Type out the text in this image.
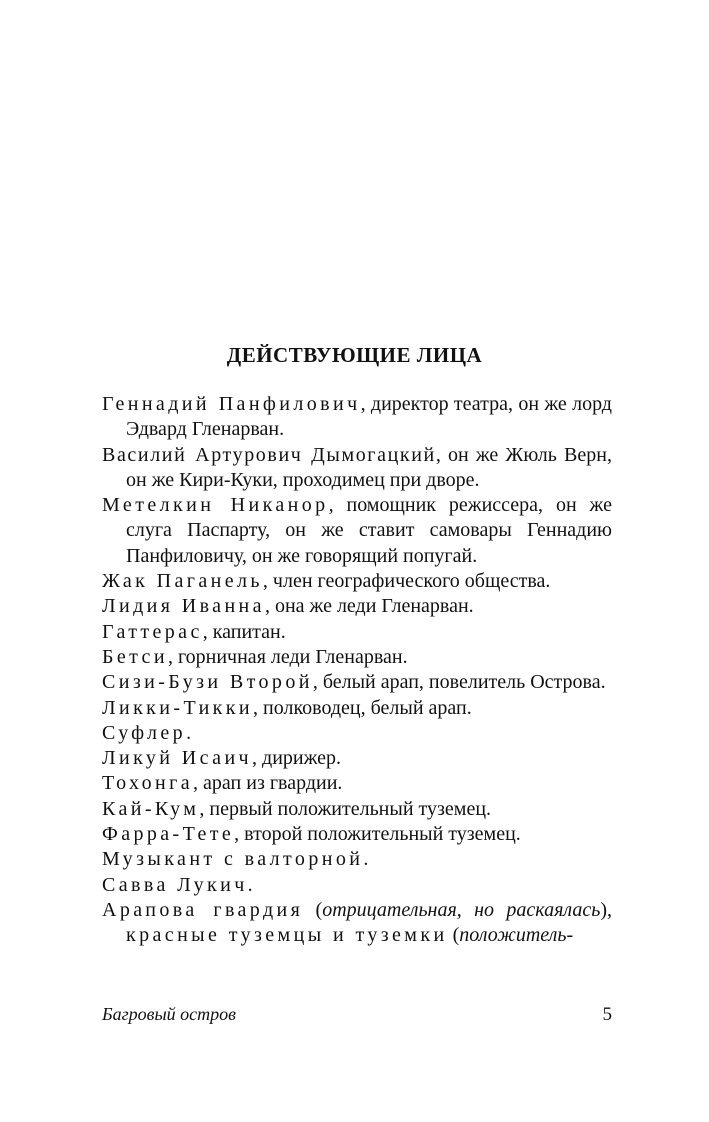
ДЕЙСТВУЮЩИЕ ЛИЦА

Геннадий Панфилович, директор театра, он же лорд Эдвард Гленарван.

Василий Артурович Дымогацкий, он же Жюль Верн, он же Кири-Куки, проходимец при дворе.

Метелкин Никанор, помощник режиссера, он же слуга Паспарту, он же ставит самовары Геннадию Панфиловичу, он же говорящий попугай.

Жак Паганель, член географического общества.

Лидия Иванна, она же леди Гленарван.

Гаттерас, капитан.

Бетси, горничная леди Гленарван.

Сизи-Бузи Второй, белый арап, повелитель Острова.

Ликки-Тикки, полководец, белый арап.

Суфлер.

Ликуй Исаич, дирижер.

Тохонга, арап из гвардии.

Кай-Кум, первый положительный туземец.

Фарра-Тете, второй положительный туземец.

Музыкант с валторной.

Савва Лукич.

Арапова гвардия (отрицательная, но раскаялась), красные туземцы и туземки (положитель-

Багровый остров	5
